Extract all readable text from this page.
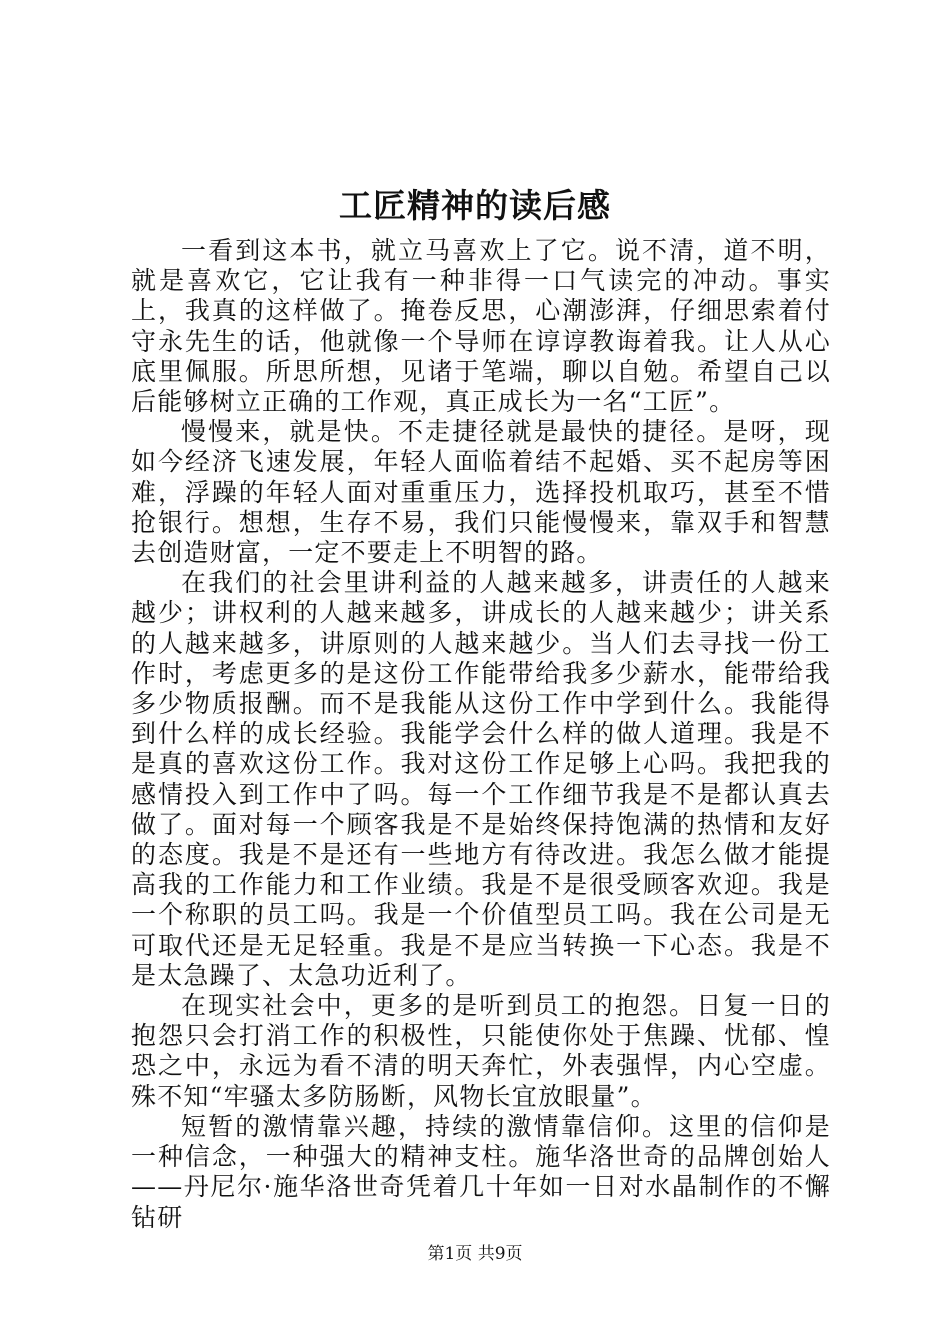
工匠精神的读后感

一看到这本书，就立马喜欢上了它。说不清，道不明，就是喜欢它，它让我有一种非得一口气读完的冲动。事实上，我真的这样做了。掩卷反思，心潮澎湃，仔细思索着付守永先生的话，他就像一个导师在谆谆教诲着我。让人从心底里佩服。所思所想，见诸于笔端，聊以自勉。希望自己以后能够树立正确的工作观，真正成长为一名“工匠”。

慢慢来，就是快。不走捷径就是最快的捷径。是呀，现如今经济飞速发展，年轻人面临着结不起婚、买不起房等困难，浮躁的年轻人面对重重压力，选择投机取巧，甚至不惜抢银行。想想，生存不易，我们只能慢慢来，靠双手和智慧去创造财富，一定不要走上不明智的路。

在我们的社会里讲利益的人越来越多，讲责任的人越来越少；讲权利的人越来越多，讲成长的人越来越少；讲关系的人越来越多，讲原则的人越来越少。当人们去寻找一份工作时，考虑更多的是这份工作能带给我多少薪水，能带给我多少物质报酬。而不是我能从这份工作中学到什么。我能得到什么样的成长经验。我能学会什么样的做人道理。我是不是真的喜欢这份工作。我对这份工作足够上心吗。我把我的感情投入到工作中了吗。每一个工作细节我是不是都认真去做了。面对每一个顾客我是不是始终保持饱满的热情和友好的态度。我是不是还有一些地方有待改进。我怎么做才能提高我的工作能力和工作业绩。我是不是很受顾客欢迎。我是一个称职的员工吗。我是一个价值型员工吗。我在公司是无可取代还是无足轻重。我是不是应当转换一下心态。我是不是太急躁了、太急功近利了。

在现实社会中，更多的是听到员工的抱怨。日复一日的抱怨只会打消工作的积极性，只能使你处于焦躁、忧郁、惶恐之中，永远为看不清的明天奔忙，外表强悍，内心空虚。殊不知“牢骚太多防肠断，风物长宜放眼量”。

短暂的激情靠兴趣，持续的激情靠信仰。这里的信仰是一种信念，一种强大的精神支柱。施华洛世奇的品牌创始人——丹尼尔·施华洛世奇凭着几十年如一日对水晶制作的不懈钻研

第1页 共9页
